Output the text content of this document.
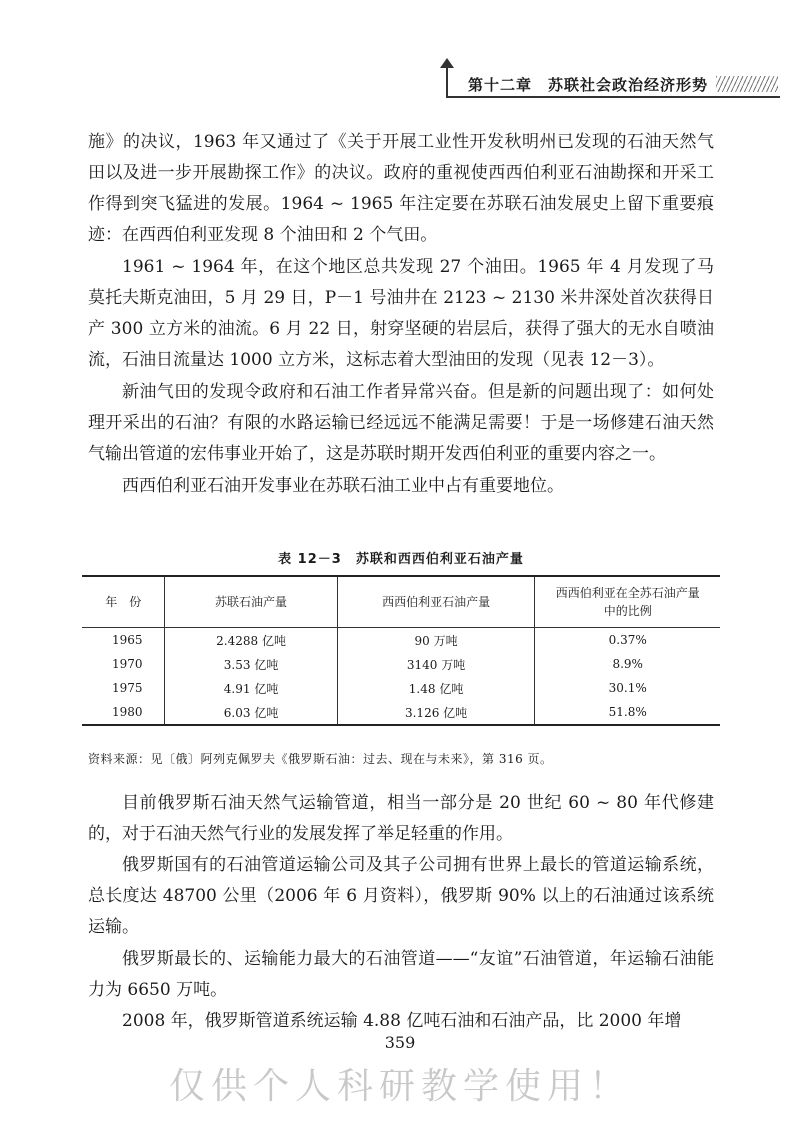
第十二章　苏联社会政治经济形势

施》的决议，1963 年又通过了《关于开展工业性开发秋明州已发现的石油天然气田以及进一步开展勘探工作》的决议。政府的重视使西西伯利亚石油勘探和开采工作得到突飞猛进的发展。1964 ~ 1965 年注定要在苏联石油发展史上留下重要痕迹：在西西伯利亚发现 8 个油田和 2 个气田。

1961 ~ 1964 年，在这个地区总共发现 27 个油田。1965 年 4 月发现了马莫托夫斯克油田，5 月 29 日，P－1 号油井在 2123 ~ 2130 米井深处首次获得日产 300 立方米的油流。6 月 22 日，射穿坚硬的岩层后，获得了强大的无水自喷油流，石油日流量达 1000 立方米，这标志着大型油田的发现（见表 12－3）。

新油气田的发现令政府和石油工作者异常兴奋。但是新的问题出现了：如何处理开采出的石油？有限的水路运输已经远远不能满足需要！于是一场修建石油天然气输出管道的宏伟事业开始了，这是苏联时期开发西伯利亚的重要内容之一。

西西伯利亚石油开发事业在苏联石油工业中占有重要地位。

表 12－3　苏联和西西伯利亚石油产量
年　份	苏联石油产量	西西伯利亚石油产量	西西伯利亚在全苏石油产量中的比例
1965	2.4288 亿吨	90 万吨	0.37%
1970	3.53 亿吨	3140 万吨	8.9%
1975	4.91 亿吨	1.48 亿吨	30.1%
1980	6.03 亿吨	3.126 亿吨	51.8%
资料来源：见〔俄〕阿列克佩罗夫《俄罗斯石油：过去、现在与未来》，第 316 页。

目前俄罗斯石油天然气运输管道，相当一部分是 20 世纪 60 ~ 80 年代修建的，对于石油天然气行业的发展发挥了举足轻重的作用。

俄罗斯国有的石油管道运输公司及其子公司拥有世界上最长的管道运输系统，总长度达 48700 公里（2006 年 6 月资料），俄罗斯 90% 以上的石油通过该系统运输。

俄罗斯最长的、运输能力最大的石油管道——“友谊”石油管道，年运输石油能力为 6650 万吨。

2008 年，俄罗斯管道系统运输 4.88 亿吨石油和石油产品，比 2000 年增

359
仅供个人科研教学使用！
